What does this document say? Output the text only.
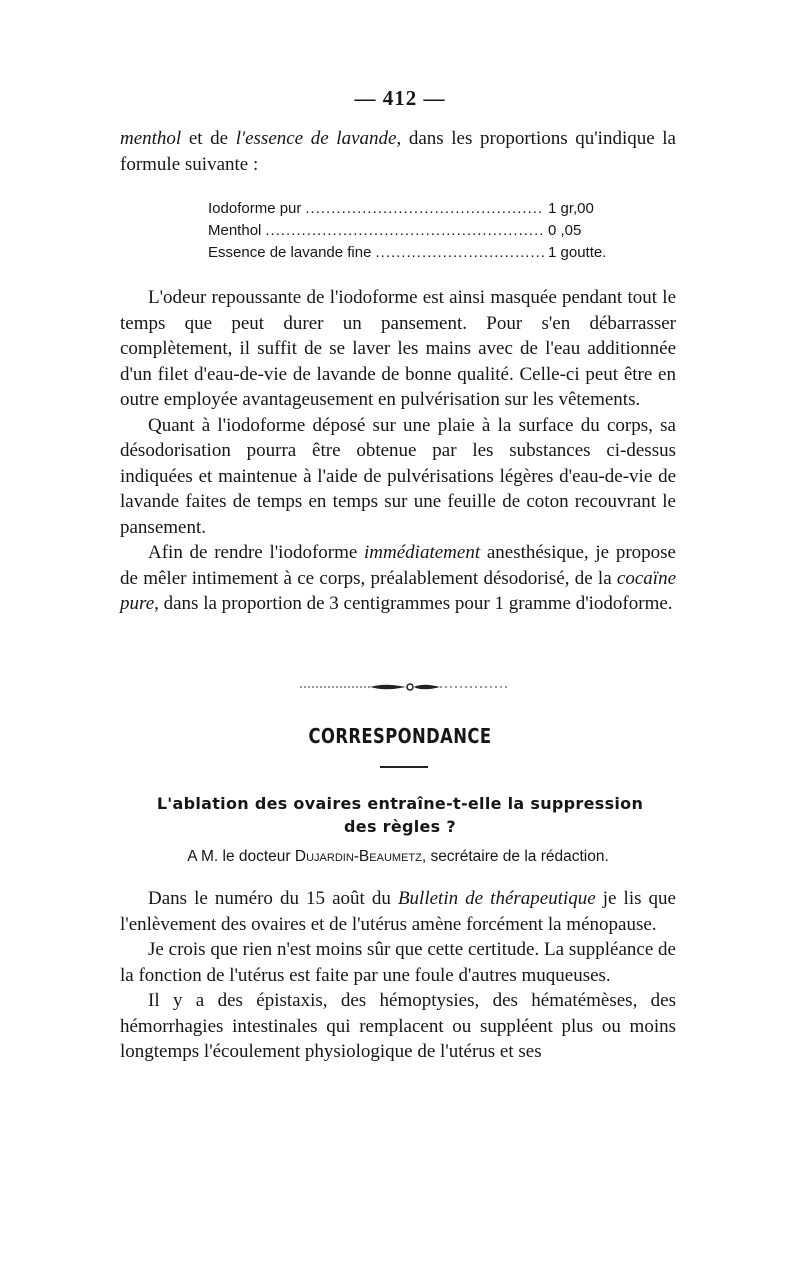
— 412 —

menthol et de l'essence de lavande, dans les proportions qu'indique la formule suivante :

Iodoforme pur .....	1 gr,00
Menthol .....	0 ,05
Essence de lavande fine .....	1 goutte.

L'odeur repoussante de l'iodoforme est ainsi masquée pendant tout le temps que peut durer un pansement. Pour s'en débarrasser complètement, il suffit de se laver les mains avec de l'eau additionnée d'un filet d'eau-de-vie de lavande de bonne qualité. Celle-ci peut être en outre employée avantageusement en pulvérisation sur les vêtements.

Quant à l'iodoforme déposé sur une plaie à la surface du corps, sa désodorisation pourra être obtenue par les substances ci-dessus indiquées et maintenue à l'aide de pulvérisations légères d'eau-de-vie de lavande faites de temps en temps sur une feuille de coton recouvrant le pansement.

Afin de rendre l'iodoforme immédiatement anesthésique, je propose de mêler intimement à ce corps, préalablement désodorisé, de la cocaïne pure, dans la proportion de 3 centigrammes pour 1 gramme d'iodoforme.

CORRESPONDANCE
L'ablation des ovaires entraîne-t-elle la suppression des règles ?
A M. le docteur Dujardin-Beaumetz, secrétaire de la rédaction.

Dans le numéro du 15 août du Bulletin de thérapeutique je lis que l'enlèvement des ovaires et de l'utérus amène forcément la ménopause.

Je crois que rien n'est moins sûr que cette certitude. La suppléance de la fonction de l'utérus est faite par une foule d'autres muqueuses.

Il y a des épistaxis, des hémoptysies, des hématémèses, des hémorrhagies intestinales qui remplacent ou suppléent plus ou moins longtemps l'écoulement physiologique de l'utérus et ses
